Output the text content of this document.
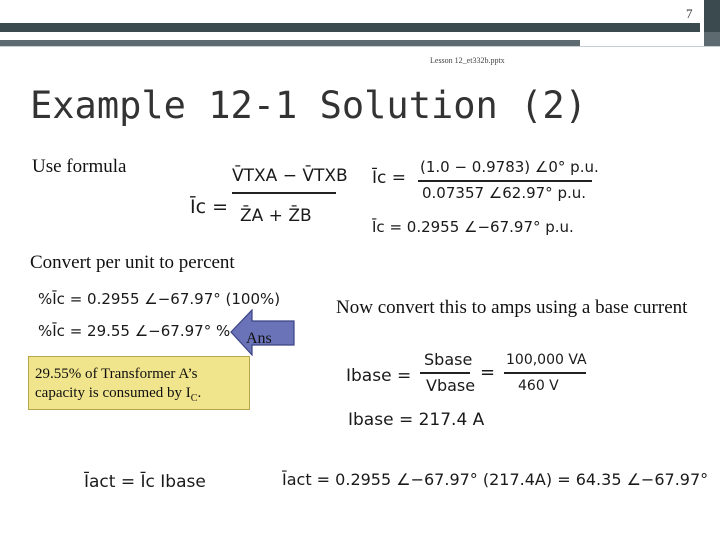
7
Lesson 12_et332b.pptx
Example 12-1 Solution (2)
Use formula	V̄TXA − V̄TXB
Īc = Z̄A + Z̄B
(1.0 − 0.9783) ∠0° p.u.
Īc =
0.07357 ∠62.97° p.u.
Īc = 0.2955 ∠−67.97° p.u.
Convert per unit to percent
%Īc = 0.2955 ∠−67.97° (100%)
%Īc = 29.55 ∠−67.97° % Ans
Now convert this to amps using a base current
Ibase =
Sbase
Vbase
=
100,000 VA
460 V
Ibase = 217.4 A
Īact = Īc Ibase	Īact = 0.2955 ∠−67.97° (217.4A) = 64.35 ∠−67.97°
29.55% of Transformer A’s
capacity is consumed by $I_C$.
